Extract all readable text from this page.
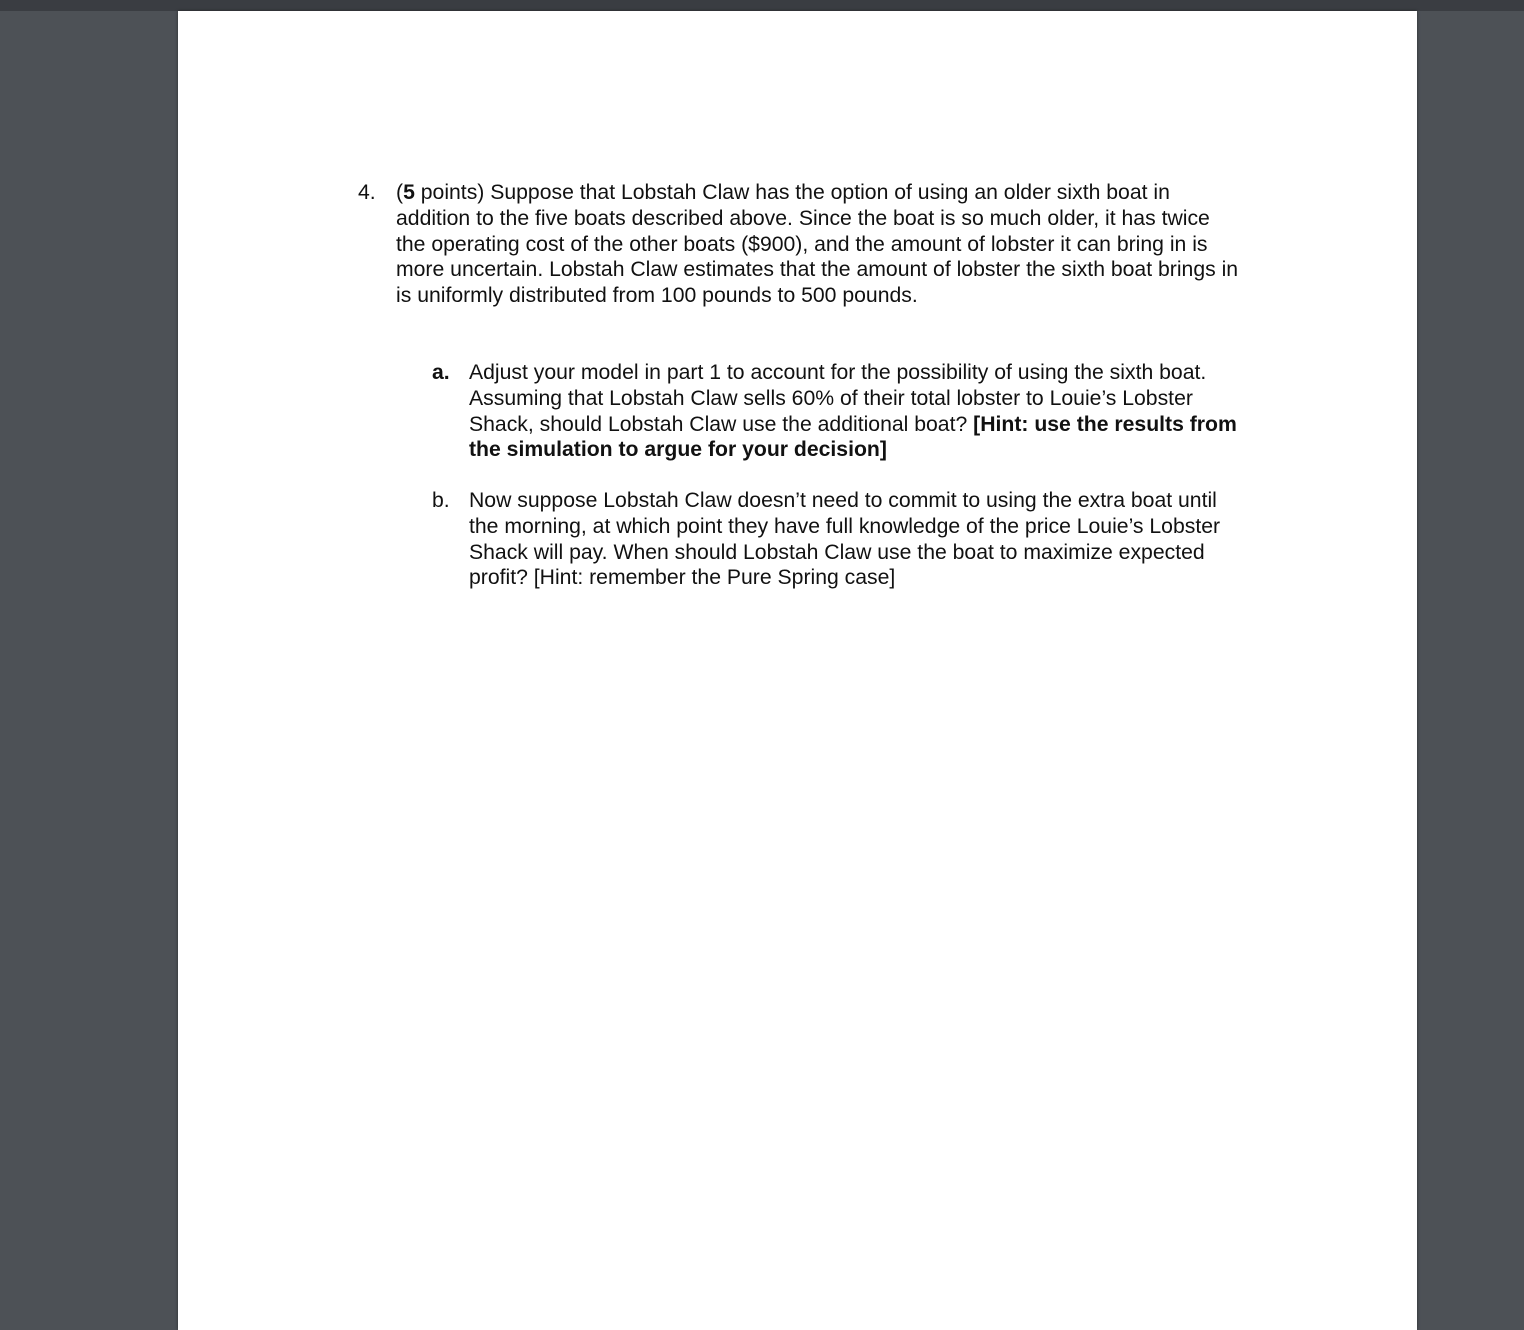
4. (5 points) Suppose that Lobstah Claw has the option of using an older sixth boat in addition to the five boats described above. Since the boat is so much older, it has twice the operating cost of the other boats ($900), and the amount of lobster it can bring in is more uncertain. Lobstah Claw estimates that the amount of lobster the sixth boat brings in is uniformly distributed from 100 pounds to 500 pounds.
a. Adjust your model in part 1 to account for the possibility of using the sixth boat. Assuming that Lobstah Claw sells 60% of their total lobster to Louie’s Lobster Shack, should Lobstah Claw use the additional boat? [Hint: use the results from the simulation to argue for your decision]
b. Now suppose Lobstah Claw doesn’t need to commit to using the extra boat until the morning, at which point they have full knowledge of the price Louie’s Lobster Shack will pay. When should Lobstah Claw use the boat to maximize expected profit? [Hint: remember the Pure Spring case]
